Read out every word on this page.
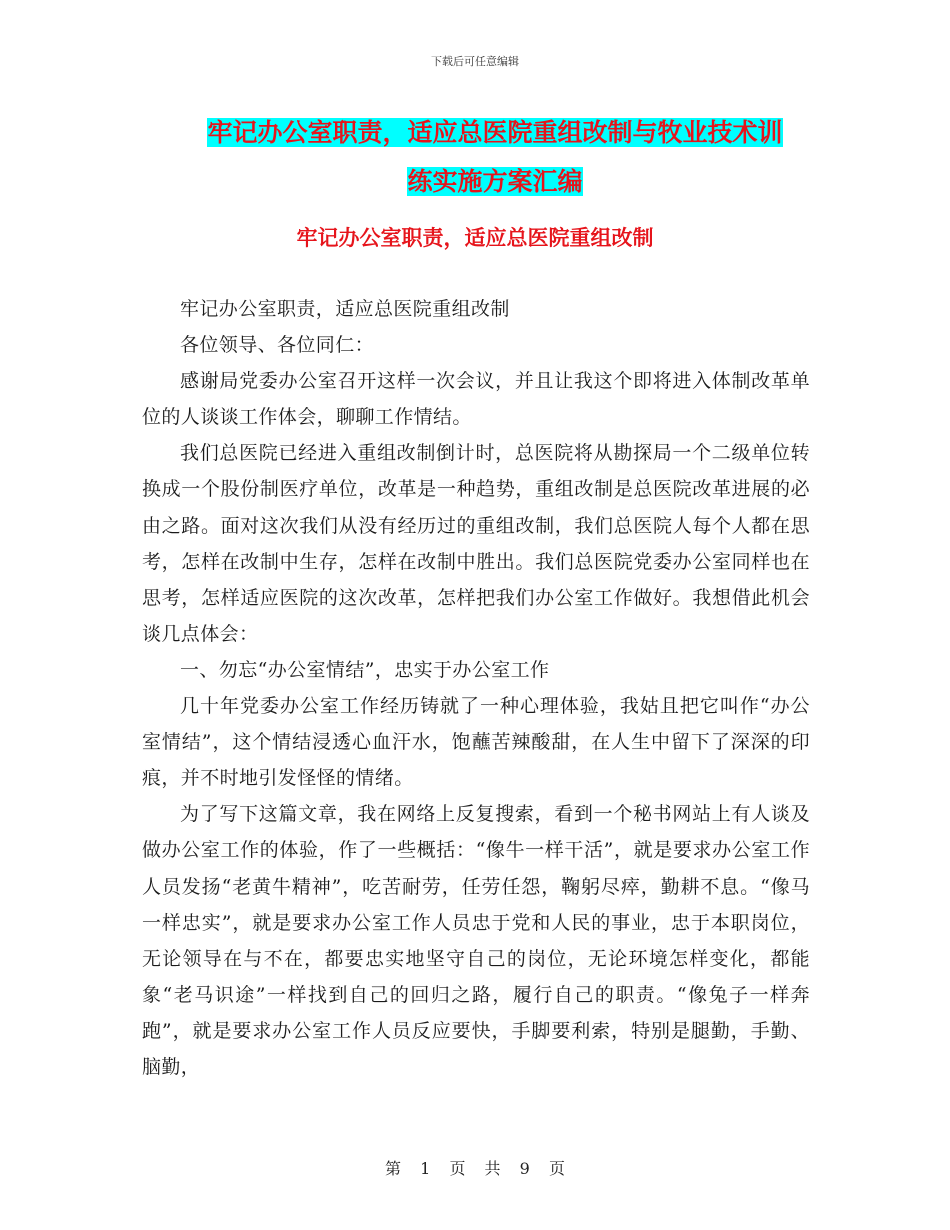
下载后可任意编辑
牢记办公室职责，适应总医院重组改制与牧业技术训
练实施方案汇编
牢记办公室职责，适应总医院重组改制

牢记办公室职责，适应总医院重组改制

各位领导、各位同仁：

感谢局党委办公室召开这样一次会议，并且让我这个即将进入体制改革单位的人谈谈工作体会，聊聊工作情结。

我们总医院已经进入重组改制倒计时，总医院将从勘探局一个二级单位转换成一个股份制医疗单位，改革是一种趋势，重组改制是总医院改革进展的必由之路。面对这次我们从没有经历过的重组改制，我们总医院人每个人都在思考，怎样在改制中生存，怎样在改制中胜出。我们总医院党委办公室同样也在思考，怎样适应医院的这次改革，怎样把我们办公室工作做好。我想借此机会谈几点体会：

一、勿忘“办公室情结”，忠实于办公室工作

几十年党委办公室工作经历铸就了一种心理体验，我姑且把它叫作“办公室情结”，这个情结浸透心血汗水，饱蘸苦辣酸甜，在人生中留下了深深的印痕，并不时地引发怪怪的情绪。

为了写下这篇文章，我在网络上反复搜索，看到一个秘书网站上有人谈及做办公室工作的体验，作了一些概括：“像牛一样干活”，就是要求办公室工作人员发扬“老黄牛精神”，吃苦耐劳，任劳任怨，鞠躬尽瘁，勤耕不息。“像马一样忠实”，就是要求办公室工作人员忠于党和人民的事业，忠于本职岗位，无论领导在与不在，都要忠实地坚守自己的岗位，无论环境怎样变化，都能象“老马识途”一样找到自己的回归之路，履行自己的职责。“像兔子一样奔跑”，就是要求办公室工作人员反应要快，手脚要利索，特别是腿勤，手勤、脑勤，

第 1 页 共 9 页
